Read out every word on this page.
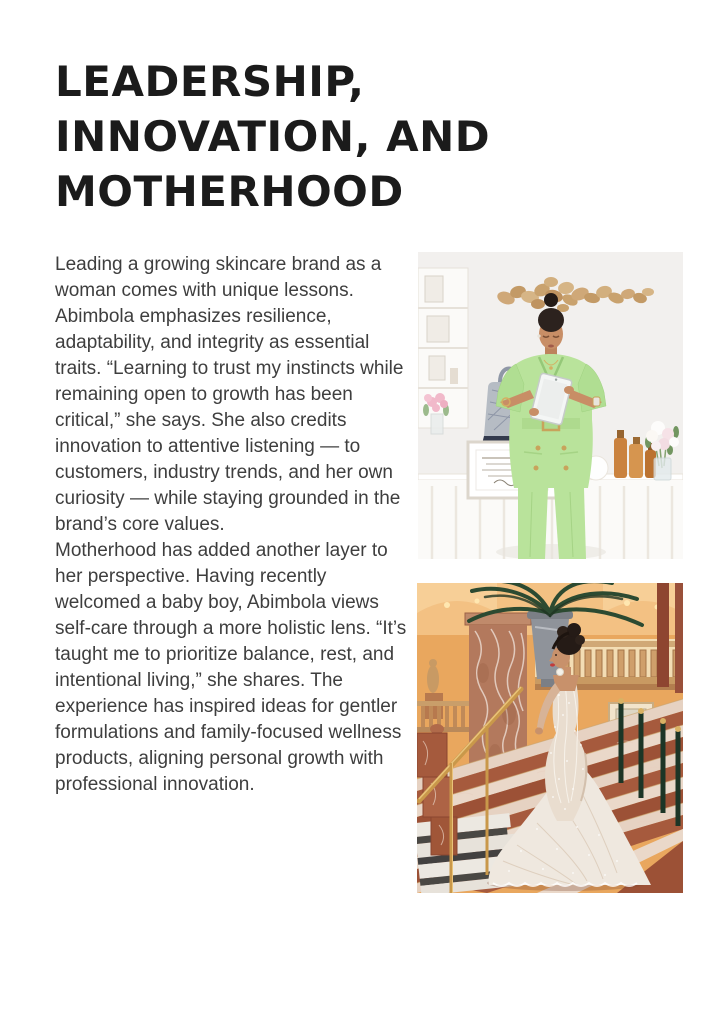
LEADERSHIP,
INNOVATION, AND
MOTHERHOOD

Leading a growing skincare brand as a woman comes with unique lessons. Abimbola emphasizes resilience, adaptability, and integrity as essential traits. “Learning to trust my instincts while remaining open to growth has been critical,” she says. She also credits innovation to attentive listening — to customers, industry trends, and her own curiosity — while staying grounded in the brand’s core values.

Motherhood has added another layer to her perspective. Having recently welcomed a baby boy, Abimbola views self-care through a more holistic lens. “It’s taught me to prioritize balance, rest, and intentional living,” she shares. The experience has inspired ideas for gentler formulations and family-focused wellness products, aligning personal growth with professional innovation.
